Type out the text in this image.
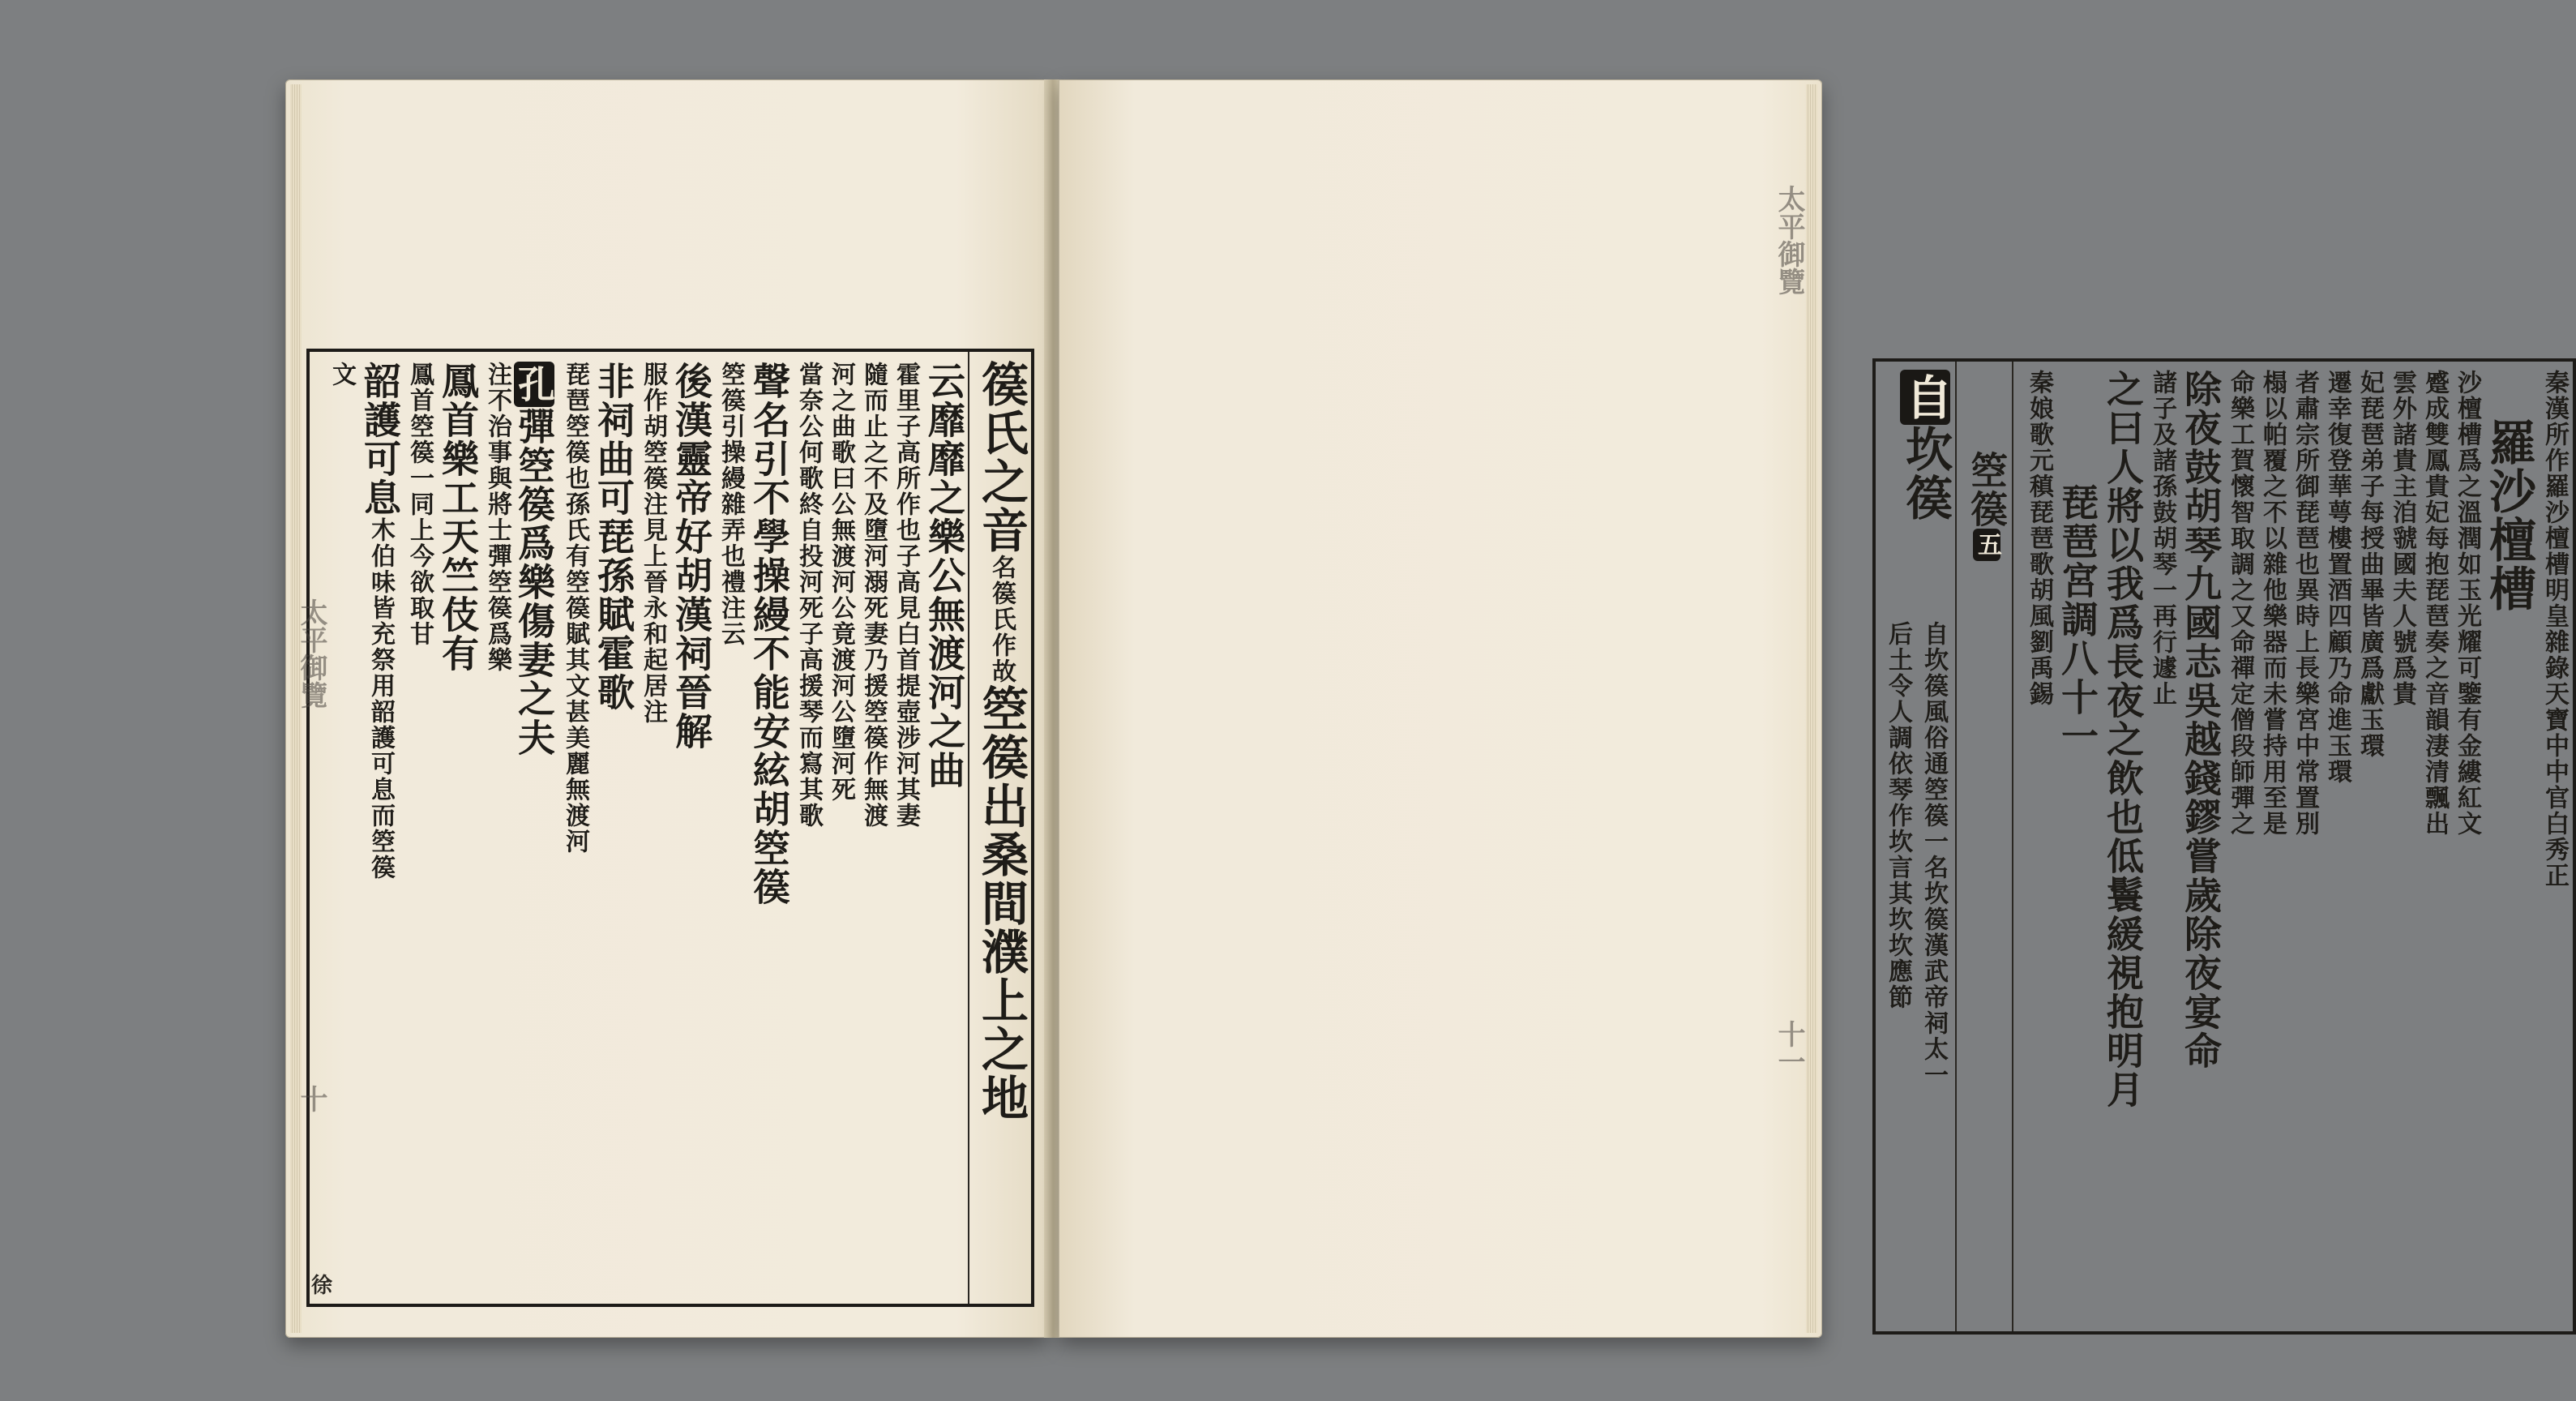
篌氏之音名篌氏作故箜篌出桑間濮上之地
云靡靡之樂公無渡河之曲
霍里子高所作也子高見白首提壺涉河其妻
隨而止之不及墮河溺死妻乃援箜篌作無渡
河之曲歌曰公無渡河公竟渡河公墮河死
當奈公何歌終自投河死子高援琴而寫其歌
聲名引不學操縵不能安絃胡箜篌
箜篌引操縵雜弄也禮注云
後漢靈帝好胡漢祠晉解
服作胡箜篌注見上晉永和起居注
非祠曲可琵孫賦霍歌
琵琶箜篌也孫氏有箜篌賦其文甚美麗無渡河
孔彈箜篌爲樂傷妻之夫
注不治事與將士彈箜篌爲樂
鳳首樂工天竺伎有
鳳首箜篌一同上今欲取甘
韶護可息木伯味皆充祭用韶護可息而箜篌
文
徐
太平御覽
十
秦漢所作羅沙檀槽明皇雜錄天寶中中官白秀正
羅沙檀槽
沙檀槽爲之溫潤如玉光耀可鑒有金縷紅文
蹙成雙鳳貴妃每抱琵琶奏之音韻淒清飄出
雲外諸貴主洎虢國夫人號爲貴
妃琵琶弟子每授曲畢皆廣爲獻玉環
遷幸復登華萼樓置酒四顧乃命進玉環
者肅宗所御琵琶也異時上長樂宮中常置別
榻以帕覆之不以雜他樂器而未嘗持用至是
命樂工賀懷智取調之又命禪定僧段師彈之
除夜鼓胡琴九國志吳越錢鏐嘗歲除夜宴命
諸子及諸孫鼓胡琴一再行遽止
之曰人將以我爲長夜之飲也低鬟緩視抱明月
琵琶宮調八十一
秦娘歌元稹琵琶歌胡風劉禹錫
箜篌五
自坎篌
自坎篌風俗通箜篌一名坎篌漢武帝祠太一
后土令人調依琴作坎言其坎坎應節
太平御覽
十一
